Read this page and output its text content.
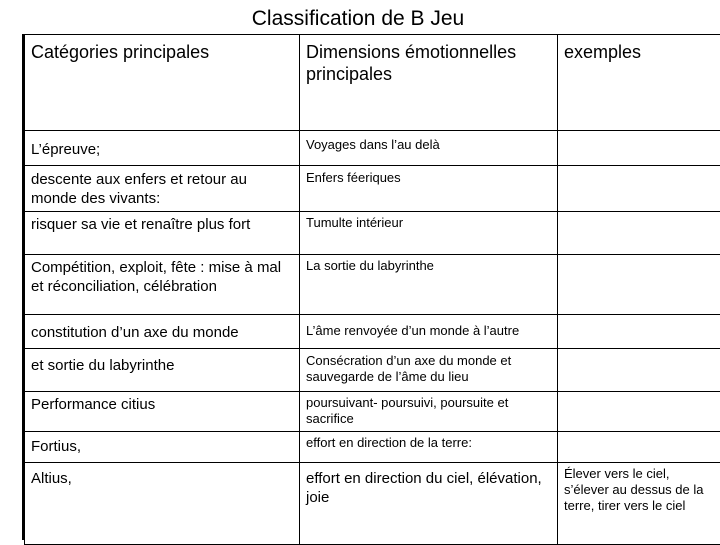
Classification de B Jeu
Catégories principales	Dimensions émotionnelles principales	exemples
L’épreuve;	Voyages dans l’au delà	
descente aux enfers et retour au monde des vivants:	Enfers féeriques	
risquer sa vie et renaître plus fort	Tumulte intérieur	
Compétition, exploit, fête : mise à mal et réconciliation, célébration	La sortie du labyrinthe	
constitution d’un axe du monde	L’âme renvoyée d’un monde à l’autre	
et sortie du labyrinthe	Consécration d’un axe du monde et sauvegarde de l’âme du lieu	
Performance citius	poursuivant- poursuivi, poursuite et sacrifice	
Fortius,	effort en direction de la terre:	
Altius,	effort en direction du ciel, élévation, joie	Élever vers le ciel, s’élever au dessus de la terre, tirer vers le ciel
